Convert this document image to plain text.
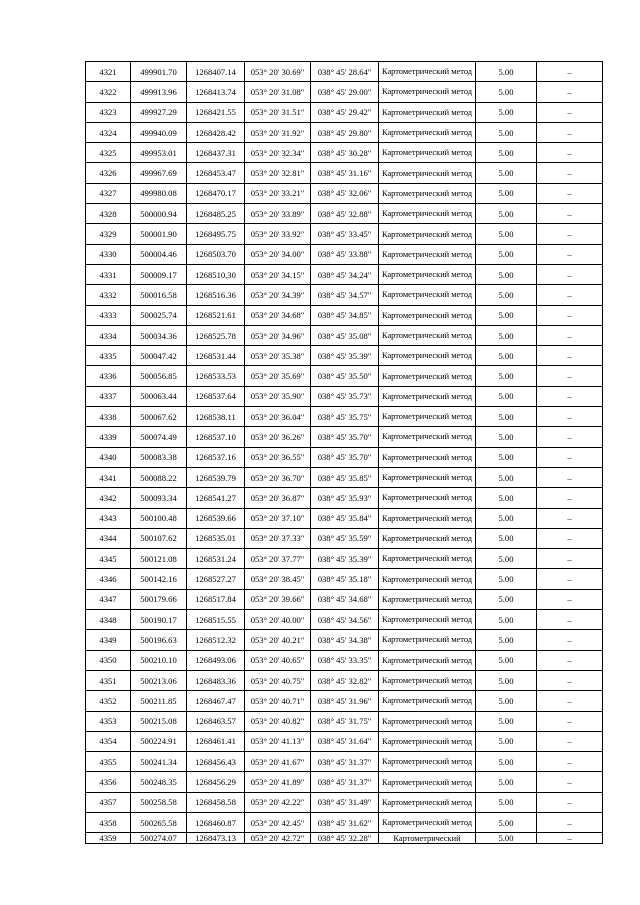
4321	499901.70	1268407.14	053° 20' 30.69"	038° 45' 28.64"	Картометрический метод	5.00	–
4322	499913.96	1268413.74	053° 20' 31.08"	038° 45' 29.00"	Картометрический метод	5.00	–
4323	499927.29	1268421.55	053° 20' 31.51"	038° 45' 29.42"	Картометрический метод	5.00	–
4324	499940.09	1268428.42	053° 20' 31.92"	038° 45' 29.80"	Картометрический метод	5.00	–
4325	499953.01	1268437.31	053° 20' 32.34"	038° 45' 30.28"	Картометрический метод	5.00	–
4326	499967.69	1268453.47	053° 20' 32.81"	038° 45' 31.16"	Картометрический метод	5.00	–
4327	499980.08	1268470.17	053° 20' 33.21"	038° 45' 32.06"	Картометрический метод	5.00	–
4328	500000.94	1268485.25	053° 20' 33.89"	038° 45' 32.88"	Картометрический метод	5.00	–
4329	500001.90	1268495.75	053° 20' 33.92"	038° 45' 33.45"	Картометрический метод	5.00	–
4330	500004.46	1268503.70	053° 20' 34.00"	038° 45' 33.88"	Картометрический метод	5.00	–
4331	500009.17	1268510.30	053° 20' 34.15"	038° 45' 34.24"	Картометрический метод	5.00	–
4332	500016.58	1268516.36	053° 20' 34.39"	038° 45' 34.57"	Картометрический метод	5.00	–
4333	500025.74	1268521.61	053° 20' 34.68"	038° 45' 34.85"	Картометрический метод	5.00	–
4334	500034.36	1268525.78	053° 20' 34.96"	038° 45' 35.08"	Картометрический метод	5.00	–
4335	500047.42	1268531.44	053° 20' 35.38"	038° 45' 35.39"	Картометрический метод	5.00	–
4336	500056.85	1268533.53	053° 20' 35.69"	038° 45' 35.50"	Картометрический метод	5.00	–
4337	500063.44	1268537.64	053° 20' 35.90"	038° 45' 35.73"	Картометрический метод	5.00	–
4338	500067.62	1268538.11	053° 20' 36.04"	038° 45' 35.75"	Картометрический метод	5.00	–
4339	500074.49	1268537.10	053° 20' 36.26"	038° 45' 35.70"	Картометрический метод	5.00	–
4340	500083.38	1268537.16	053° 20' 36.55"	038° 45' 35.70"	Картометрический метод	5.00	–
4341	500088.22	1268539.79	053° 20' 36.70"	038° 45' 35.85"	Картометрический метод	5.00	–
4342	500093.34	1268541.27	053° 20' 36.87"	038° 45' 35.93"	Картометрический метод	5.00	–
4343	500100.48	1268539.66	053° 20' 37.10"	038° 45' 35.84"	Картометрический метод	5.00	–
4344	500107.62	1268535.01	053° 20' 37.33"	038° 45' 35.59"	Картометрический метод	5.00	–
4345	500121.08	1268531.24	053° 20' 37.77"	038° 45' 35.39"	Картометрический метод	5.00	–
4346	500142.16	1268527.27	053° 20' 38.45"	038° 45' 35.18"	Картометрический метод	5.00	–
4347	500179.66	1268517.84	053° 20' 39.66"	038° 45' 34.68"	Картометрический метод	5.00	–
4348	500190.17	1268515.55	053° 20' 40.00"	038° 45' 34.56"	Картометрический метод	5.00	–
4349	500196.63	1268512.32	053° 20' 40.21"	038° 45' 34.38"	Картометрический метод	5.00	–
4350	500210.10	1268493.06	053° 20' 40.65"	038° 45' 33.35"	Картометрический метод	5.00	–
4351	500213.06	1268483.36	053° 20' 40.75"	038° 45' 32.82"	Картометрический метод	5.00	–
4352	500211.85	1268467.47	053° 20' 40.71"	038° 45' 31.96"	Картометрический метод	5.00	–
4353	500215.08	1268463.57	053° 20' 40.82"	038° 45' 31.75"	Картометрический метод	5.00	–
4354	500224.91	1268461.41	053° 20' 41.13"	038° 45' 31.64"	Картометрический метод	5.00	–
4355	500241.34	1268456.43	053° 20' 41.67"	038° 45' 31.37"	Картометрический метод	5.00	–
4356	500248.35	1268456.29	053° 20' 41.89"	038° 45' 31.37"	Картометрический метод	5.00	–
4357	500258.58	1268458.58	053° 20' 42.22"	038° 45' 31.49"	Картометрический метод	5.00	–
4358	500265.58	1268460.87	053° 20' 42.45"	038° 45' 31.62"	Картометрический метод	5.00	–
4359	500274.07	1268473.13	053° 20' 42.72"	038° 45' 32.28"	Картометрический	5.00	–
